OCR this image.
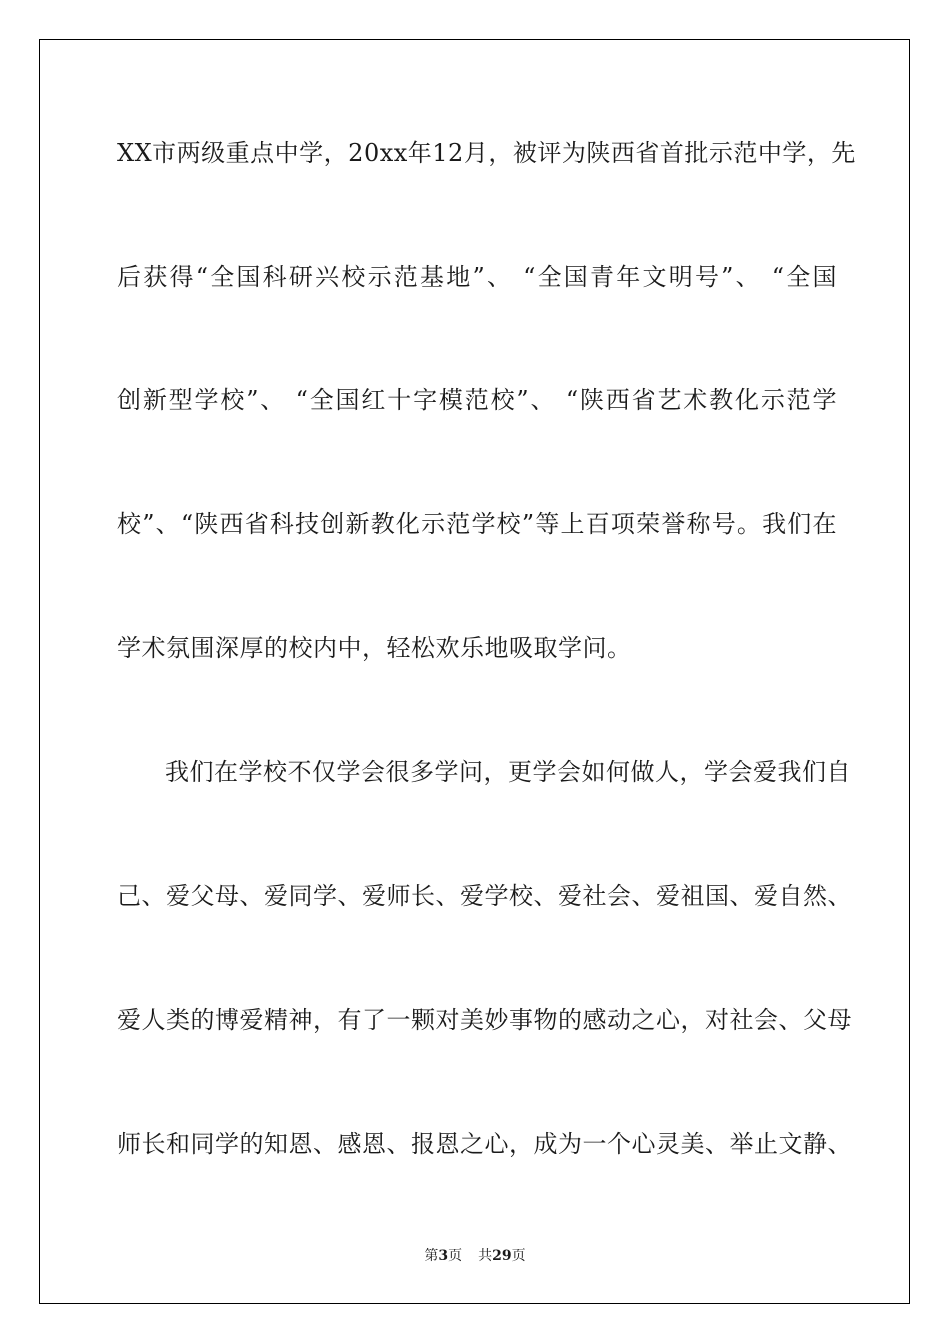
XX市两级重点中学，20xx年12月，被评为陕西省首批示范中学，先
后获得“全国科研兴校示范基地”、 “全国青年文明号”、 “全国
创新型学校”、 “全国红十字模范校”、 “陕西省艺术教化示范学
校”、“陕西省科技创新教化示范学校”等上百项荣誉称号。我们在
学术氛围深厚的校内中，轻松欢乐地吸取学问。
我们在学校不仅学会很多学问，更学会如何做人，学会爱我们自
己、爱父母、爱同学、爱师长、爱学校、爱社会、爱祖国、爱自然、
爱人类的博爱精神，有了一颗对美妙事物的感动之心，对社会、父母
师长和同学的知恩、感恩、报恩之心，成为一个心灵美、举止文静、
第3页 共29页
